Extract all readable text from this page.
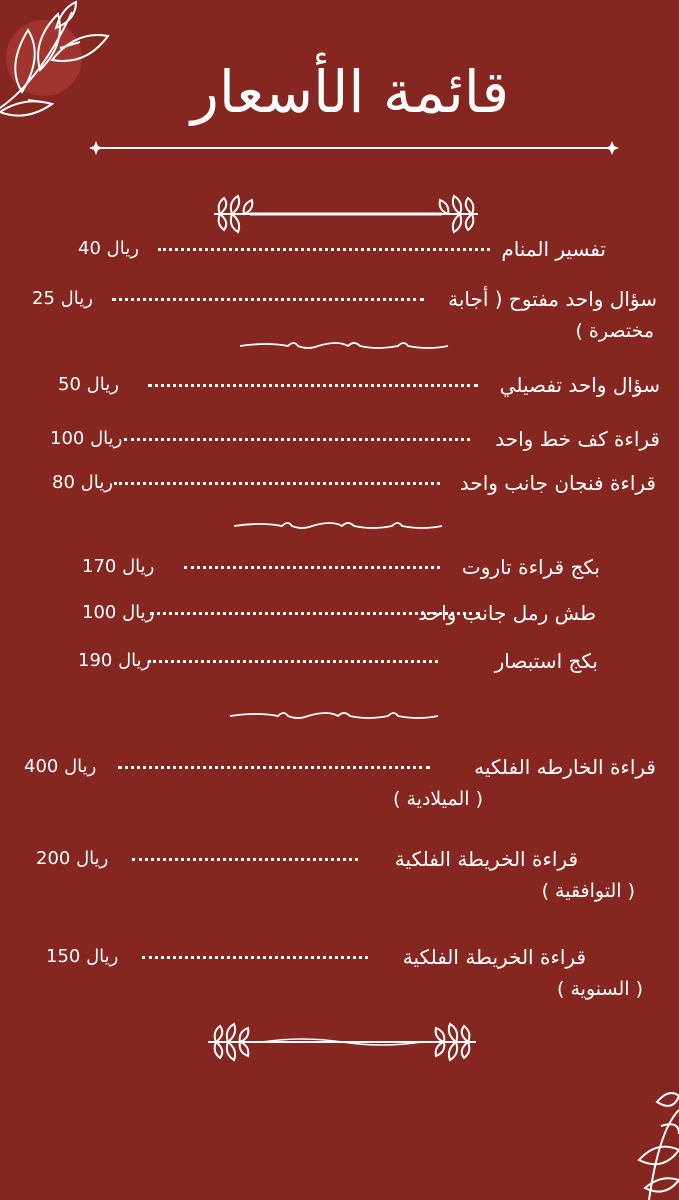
قائمة الأسعار
تفسير المنام
ريال 40
سؤال واحد مفتوح ( أجابة
ريال 25
مختصرة )
سؤال واحد تفصيلي
ريال 50
قراءة كف خط واحد
ريال 100
قراءة فنجان جانب واحد
ريال 80
بكج قراءة تاروت
ريال 170
طش رمل جانب واحد
ريال 100
بكج استبصار
ريال 190
قراءة الخارطه الفلكيه
ريال 400
( الميلادية )
قراءة الخريطة الفلكية
ريال 200
( التوافقية )
قراءة الخريطة الفلكية
ريال 150
( السنوية )
